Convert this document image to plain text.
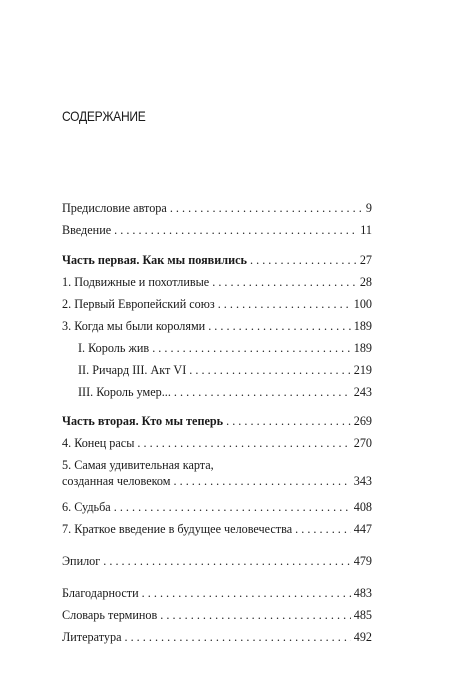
СОДЕРЖАНИЕ
Предисловие автора . . .	9
Введение . . .	11
Часть первая. Как мы появились . . .	27
1. Подвижные и похотливые . . .	28
2. Первый Европейский союз . . .	100
3. Когда мы были королями . . .	189
I. Король жив . . .	189
II. Ричард III. Акт VI . . .	219
III. Король умер... . . .	243
Часть вторая. Кто мы теперь . . .	269
4. Конец расы . . .	270
5. Самая удивительная карта,
созданная человеком . . .	343
6. Судьба . . .	408
7. Краткое введение в будущее человечества . . .	447
Эпилог . . .	479
Благодарности . . .	483
Словарь терминов . . .	485
Литература . . .	492
